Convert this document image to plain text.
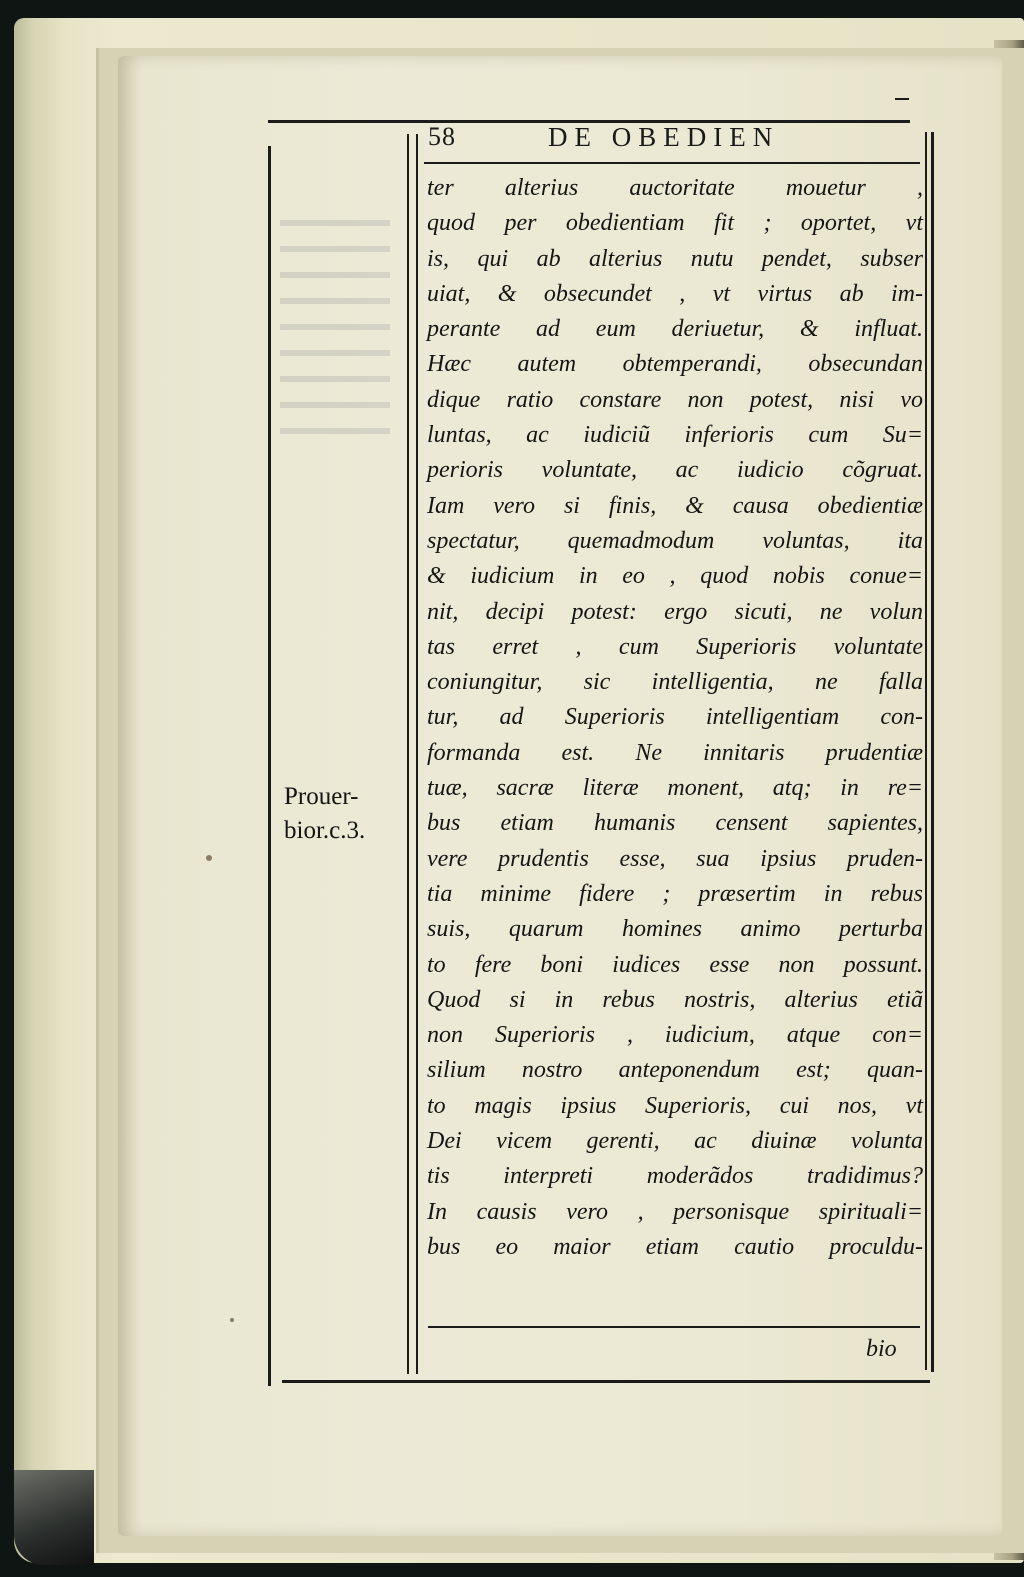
58	DE OBEDIEN
ter alterius auctoritate mouetur ,
quod per obedientiam fit ; oportet, vt
is, qui ab alterius nutu pendet, subser
uiat, & obsecundet , vt virtus ab im-
perante ad eum deriuetur, & influat.
Hæc autem obtemperandi, obsecundan
dique ratio constare non potest, nisi vo
luntas, ac iudiciũ inferioris cum Su=
perioris voluntate, ac iudicio cõgruat.
Iam vero si finis, & causa obedientiæ
spectatur, quemadmodum voluntas, ita
& iudicium in eo , quod nobis conue=
nit, decipi potest: ergo sicuti, ne volun
tas erret , cum Superioris voluntate
coniungitur, sic intelligentia, ne falla
tur, ad Superioris intelligentiam con-
formanda est. Ne innitaris prudentiæ
tuæ, sacræ literæ monent, atq; in re=
bus etiam humanis censent sapientes,
vere prudentis esse, sua ipsius pruden-
tia minime fidere ; præsertim in rebus
suis, quarum homines animo perturba
to fere boni iudices esse non possunt.
Quod si in rebus nostris, alterius etiã
non Superioris , iudicium, atque con=
silium nostro anteponendum est; quan-
to magis ipsius Superioris, cui nos, vt
Dei vicem gerenti, ac diuinæ volunta
tis interpreti moderãdos tradidimus?
In causis vero , personisque spirituali=
bus eo maior etiam cautio proculdu-
Prouer-
bior.c.3.
bio
